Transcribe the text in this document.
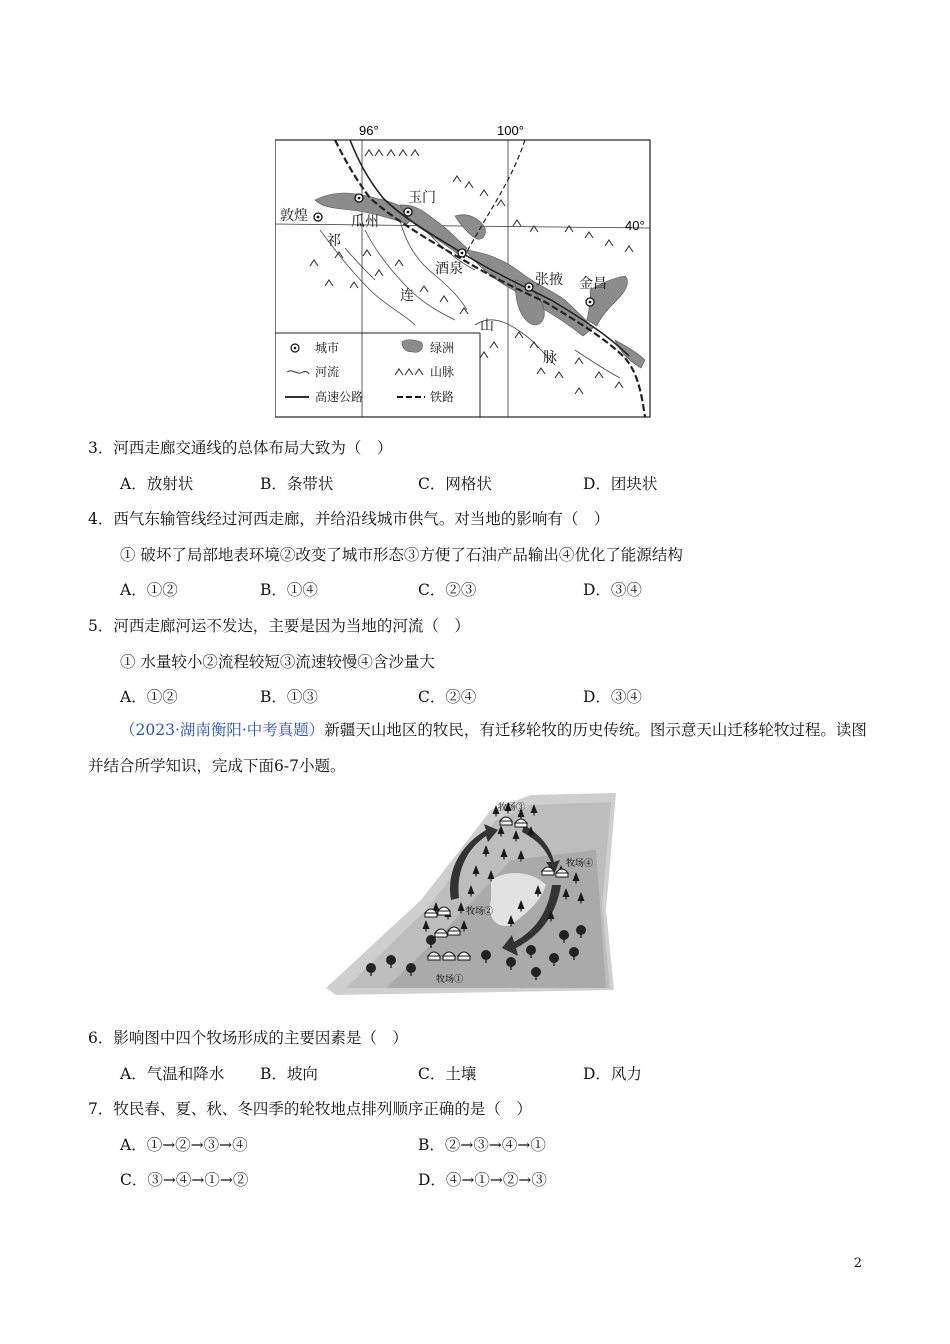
96°	100°
40°
敦煌	瓜州
玉门
酒泉
张掖 金昌
祁
连
山
脉
城市	绿洲
河流	山脉
高速公路	铁路
3．河西走廊交通线的总体布局大致为（　）
A．放射状	B．条带状	C．网格状	D．团块状
4．西气东输管线经过河西走廊，并给沿线城市供气。对当地的影响有（　）
① 破坏了局部地表环境②改变了城市形态③方便了石油产品输出④优化了能源结构
A．①②	B．①④	C．②③	D．③④
5．河西走廊河运不发达，主要是因为当地的河流（　）
① 水量较小②流程较短③流速较慢④含沙量大
A．①②	B．①③	C．②④	D．③④
（2023·湖南衡阳·中考真题）新疆天山地区的牧民，有迁移轮牧的历史传统。图示意天山迁移轮牧过程。读图并结合所学知识，完成下面6-7小题。
牧场①
牧场②
牧场③
牧场④
6．影响图中四个牧场形成的主要因素是（　）
A．气温和降水 B．坡向	C．土壤	D．风力
7．牧民春、夏、秋、冬四季的轮牧地点排列顺序正确的是（　）
A．①→②→③→④	B．②→③→④→①
C．③→④→①→②	D．④→①→②→③
2
